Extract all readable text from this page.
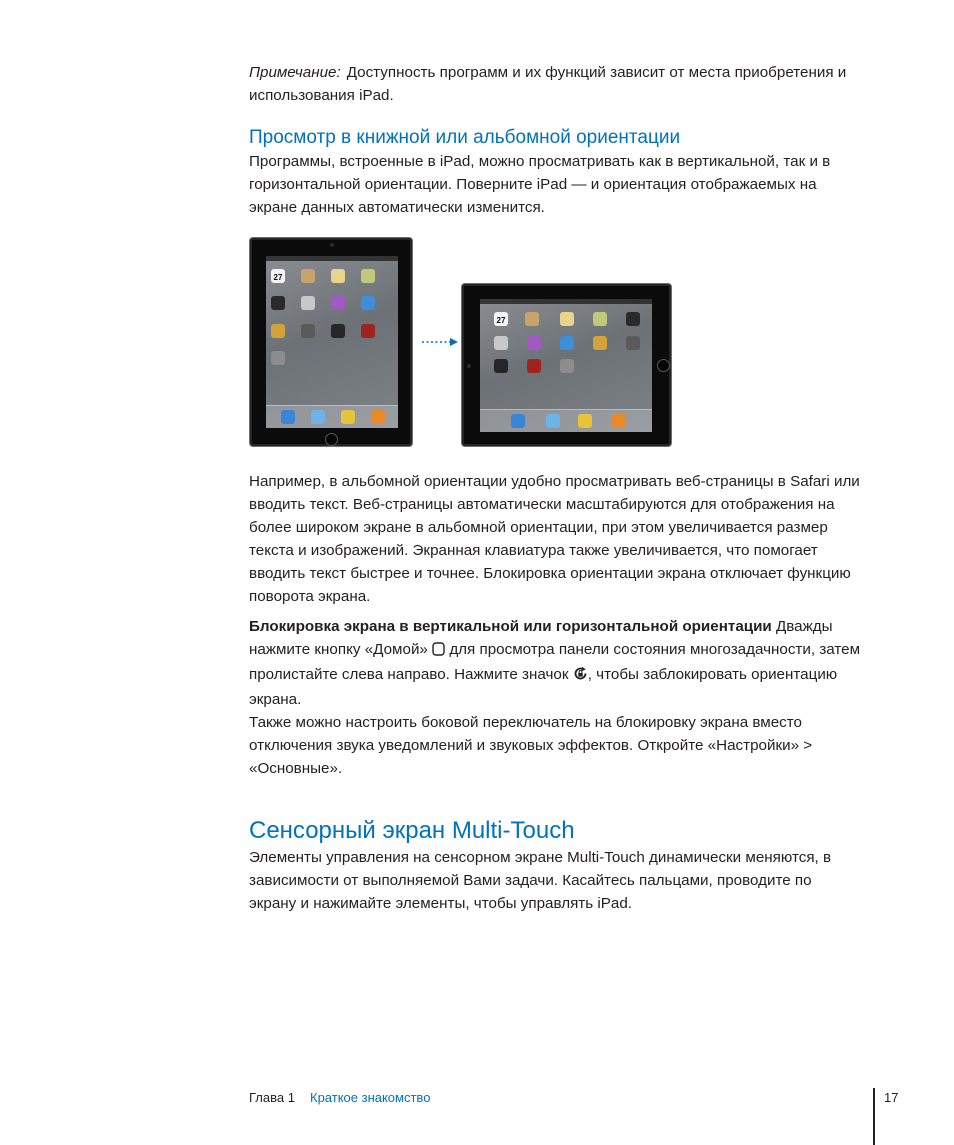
Примечание: Доступность программ и их функций зависит от места приобретения и использования iPad.

Просмотр в книжной или альбомной ориентации

Программы, встроенные в iPad, можно просматривать как в вертикальной, так и в горизонтальной ориентации. Поверните iPad — и ориентация отображаемых на экране данных автоматически изменится.

27
27

Например, в альбомной ориентации удобно просматривать веб-страницы в Safari или вводить текст. Веб-страницы автоматически масштабируются для отображения на более широком экране в альбомной ориентации, при этом увеличивается размер текста и изображений. Экранная клавиатура также увеличивается, что помогает вводить текст быстрее и точнее. Блокировка ориентации экрана отключает функцию поворота экрана.

Блокировка экрана в вертикальной или горизонтальной ориентации Дважды нажмите кнопку «Домой»  для просмотра панели состояния многозадачности, затем пролистайте слева направо. Нажмите значок , чтобы заблокировать ориентацию экрана.

Также можно настроить боковой переключатель на блокировку экрана вместо отключения звука уведомлений и звуковых эффектов. Откройте «Настройки» > «Основные».

Сенсорный экран Multi-Touch

Элементы управления на сенсорном экране Multi-Touch динамически меняются, в зависимости от выполняемой Вами задачи. Касайтесь пальцами, проводите по экрану и нажимайте элементы, чтобы управлять iPad.

Глава 1 Краткое знакомство	17
